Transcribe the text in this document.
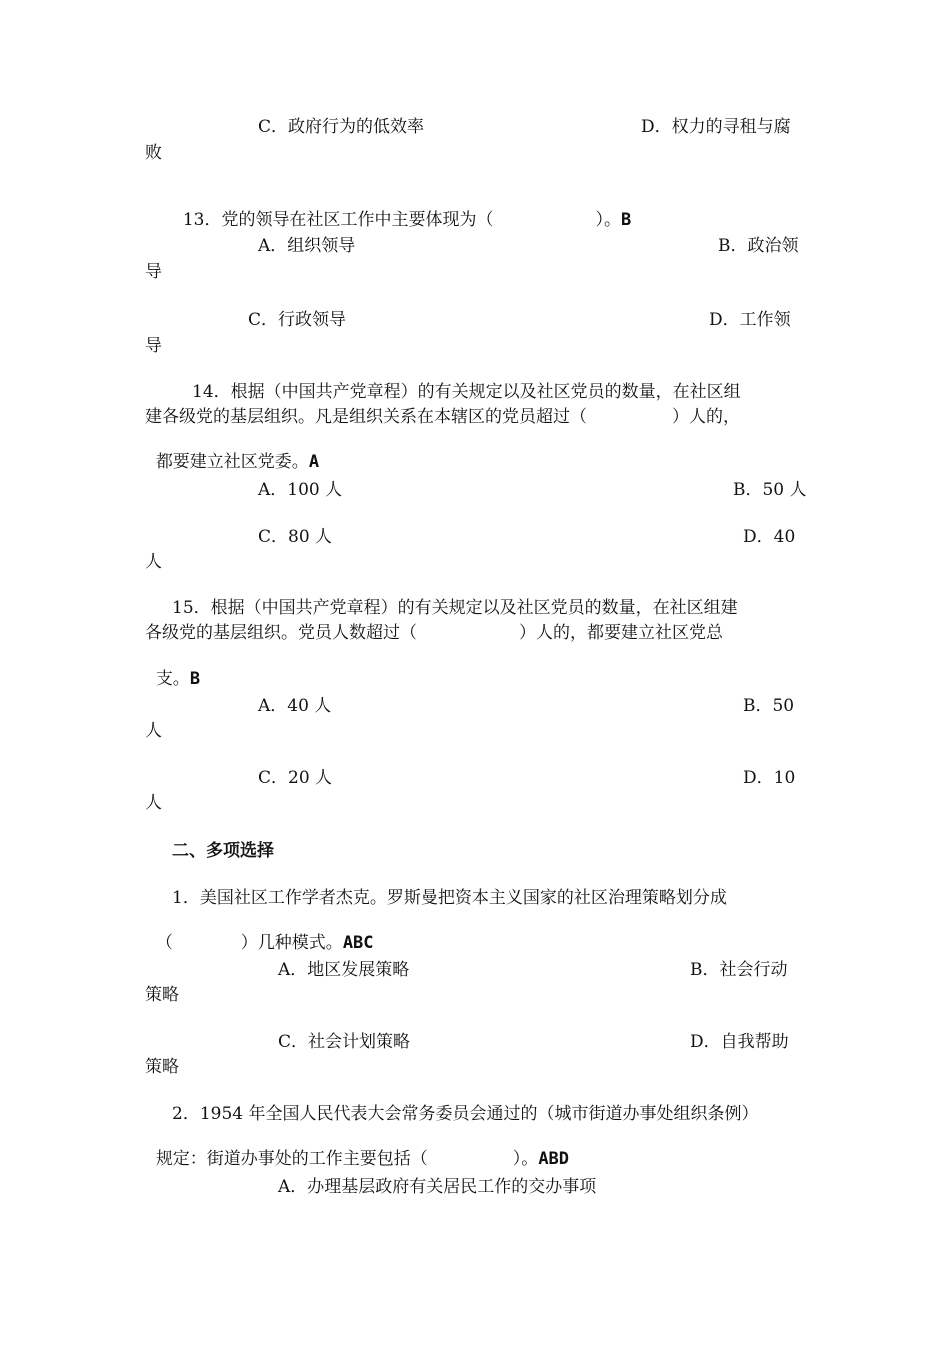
C．政府行为的低效率	D．权力的寻租与腐
败

13．党的领导在社区工作中主要体现为（　　　　　　）。B

A．组织领导	B．政治领
导
C．行政领导	D．工作领
导
14．根据（中国共产党章程）的有关规定以及社区党员的数量，在社区组
建各级党的基层组织。凡是组织关系在本辖区的党员超过（　　　　　）人的，

都要建立社区党委。A

A．100 人	B．50 人
C．80 人	D．40
人
15．根据（中国共产党章程）的有关规定以及社区党员的数量，在社区组建
各级党的基层组织。党员人数超过（　　　　　　）人的，都要建立社区党总

支。B

A．40 人	B．50
人
C．20 人	D．10
人
二、多项选择
1．美国社区工作学者杰克。罗斯曼把资本主义国家的社区治理策略划分成

（　　　　）几种模式。ABC

A．地区发展策略	B．社会行动
策略
C．社会计划策略	D．自我帮助
策略
2．1954 年全国人民代表大会常务委员会通过的（城市街道办事处组织条例）

规定：街道办事处的工作主要包括（　　　　　）。ABD

A．办理基层政府有关居民工作的交办事项
